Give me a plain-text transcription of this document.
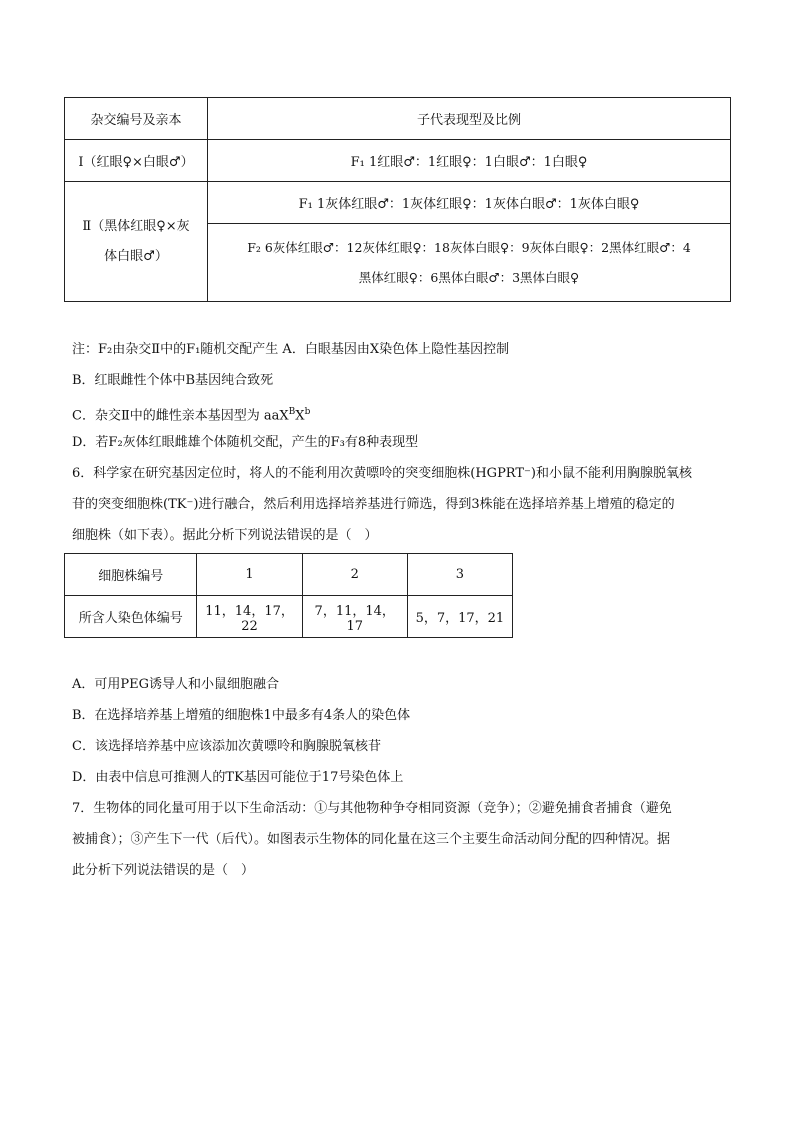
杂交编号及亲本	子代表现型及比例
Ⅰ（红眼♀×白眼♂）	F₁ 1红眼♂：1红眼♀：1白眼♂：1白眼♀
Ⅱ（黑体红眼♀×灰
体白眼♂）	F₁ 1灰体红眼♂：1灰体红眼♀：1灰体白眼♂：1灰体白眼♀
	F₂ 6灰体红眼♂：12灰体红眼♀：18灰体白眼♀：9灰体白眼♀：2黑体红眼♂：4
黑体红眼♀：6黑体白眼♂：3黑体白眼♀
注：F₂由杂交Ⅱ中的F₁随机交配产生 A．白眼基因由X染色体上隐性基因控制
B．红眼雌性个体中B基因纯合致死
C．杂交Ⅱ中的雌性亲本基因型为 $aaX^BX^b$
D．若F₂灰体红眼雌雄个体随机交配，产生的F₃有8种表现型
6．科学家在研究基因定位时，将人的不能利用次黄嘌呤的突变细胞株(HGPRT⁻)和小鼠不能利用胸腺脱氧核
苷的突变细胞株(TK⁻)进行融合，然后利用选择培养基进行筛选，得到3株能在选择培养基上增殖的稳定的
细胞株（如下表）。据此分析下列说法错误的是（　）
细胞株编号	1	2	3
所含人染色体编号	11，14，17，22	7，11，14，17	5，7，17，21
A．可用PEG诱导人和小鼠细胞融合
B．在选择培养基上增殖的细胞株1中最多有4条人的染色体
C．该选择培养基中应该添加次黄嘌呤和胸腺脱氧核苷
D．由表中信息可推测人的TK基因可能位于17号染色体上
7．生物体的同化量可用于以下生命活动：①与其他物种争夺相同资源（竞争）；②避免捕食者捕食（避免
被捕食）；③产生下一代（后代）。如图表示生物体的同化量在这三个主要生命活动间分配的四种情况。据
此分析下列说法错误的是（　）
